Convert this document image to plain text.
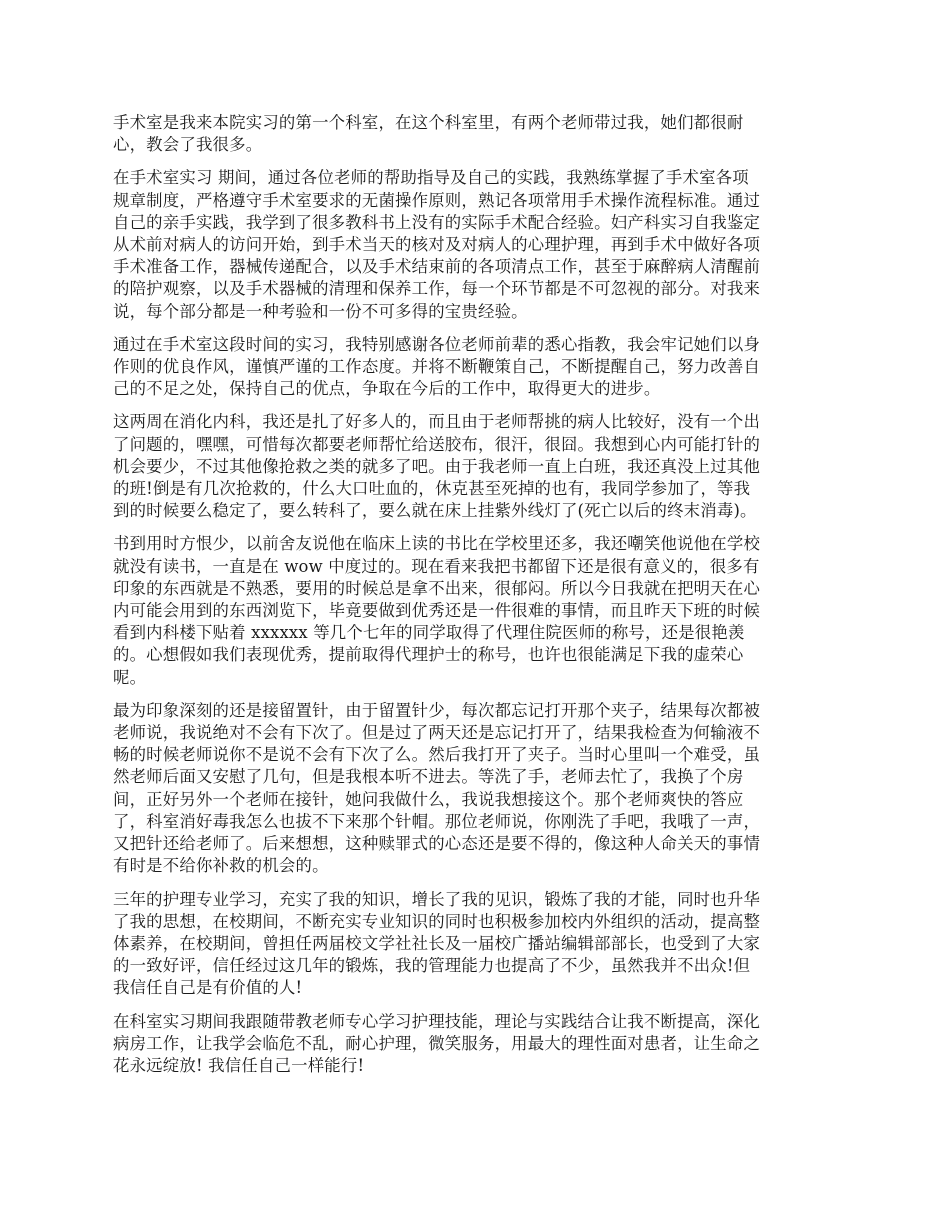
手术室是我来本院实习的第一个科室，在这个科室里，有两个老师带过我，她们都很耐
心，教会了我很多。

在手术室实习 期间，通过各位老师的帮助指导及自己的实践，我熟练掌握了手术室各项
规章制度，严格遵守手术室要求的无菌操作原则，熟记各项常用手术操作流程标准。通过
自己的亲手实践，我学到了很多教科书上没有的实际手术配合经验。妇产科实习自我鉴定
从术前对病人的访问开始，到手术当天的核对及对病人的心理护理，再到手术中做好各项
手术准备工作，器械传递配合，以及手术结束前的各项清点工作，甚至于麻醉病人清醒前
的陪护观察，以及手术器械的清理和保养工作，每一个环节都是不可忽视的部分。对我来
说，每个部分都是一种考验和一份不可多得的宝贵经验。

通过在手术室这段时间的实习，我特别感谢各位老师前辈的悉心指教，我会牢记她们以身
作则的优良作风，谨慎严谨的工作态度。并将不断鞭策自己，不断提醒自己，努力改善自
己的不足之处，保持自己的优点，争取在今后的工作中，取得更大的进步。

这两周在消化内科，我还是扎了好多人的，而且由于老师帮挑的病人比较好，没有一个出
了问题的，嘿嘿，可惜每次都要老师帮忙给送胶布，很汗，很囧。我想到心内可能打针的
机会要少，不过其他像抢救之类的就多了吧。由于我老师一直上白班，我还真没上过其他
的班!倒是有几次抢救的，什么大口吐血的，休克甚至死掉的也有，我同学参加了，等我
到的时候要么稳定了，要么转科了，要么就在床上挂紫外线灯了(死亡以后的终末消毒)。

书到用时方恨少，以前舍友说他在临床上读的书比在学校里还多，我还嘲笑他说他在学校
就没有读书，一直是在 wow 中度过的。现在看来我把书都留下还是很有意义的，很多有
印象的东西就是不熟悉，要用的时候总是拿不出来，很郁闷。所以今日我就在把明天在心
内可能会用到的东西浏览下，毕竟要做到优秀还是一件很难的事情，而且昨天下班的时候
看到内科楼下贴着 xxxxxx 等几个七年的同学取得了代理住院医师的称号，还是很艳羡
的。心想假如我们表现优秀，提前取得代理护士的称号，也许也很能满足下我的虚荣心
呢。

最为印象深刻的还是接留置针，由于留置针少，每次都忘记打开那个夹子，结果每次都被
老师说，我说绝对不会有下次了。但是过了两天还是忘记打开了，结果我检查为何输液不
畅的时候老师说你不是说不会有下次了么。然后我打开了夹子。当时心里叫一个难受，虽
然老师后面又安慰了几句，但是我根本听不进去。等洗了手，老师去忙了，我换了个房
间，正好另外一个老师在接针，她问我做什么，我说我想接这个。那个老师爽快的答应
了，科室消好毒我怎么也拔不下来那个针帽。那位老师说，你刚洗了手吧，我哦了一声，
又把针还给老师了。后来想想，这种赎罪式的心态还是要不得的，像这种人命关天的事情
有时是不给你补救的机会的。

三年的护理专业学习，充实了我的知识，增长了我的见识，锻炼了我的才能，同时也升华
了我的思想，在校期间，不断充实专业知识的同时也积极参加校内外组织的活动，提高整
体素养，在校期间，曾担任两届校文学社社长及一届校广播站编辑部部长，也受到了大家
的一致好评，信任经过这几年的锻炼，我的管理能力也提高了不少，虽然我并不出众!但
我信任自己是有价值的人!

在科室实习期间我跟随带教老师专心学习护理技能，理论与实践结合让我不断提高，深化
病房工作，让我学会临危不乱，耐心护理，微笑服务，用最大的理性面对患者，让生命之
花永远绽放! 我信任自己一样能行!
